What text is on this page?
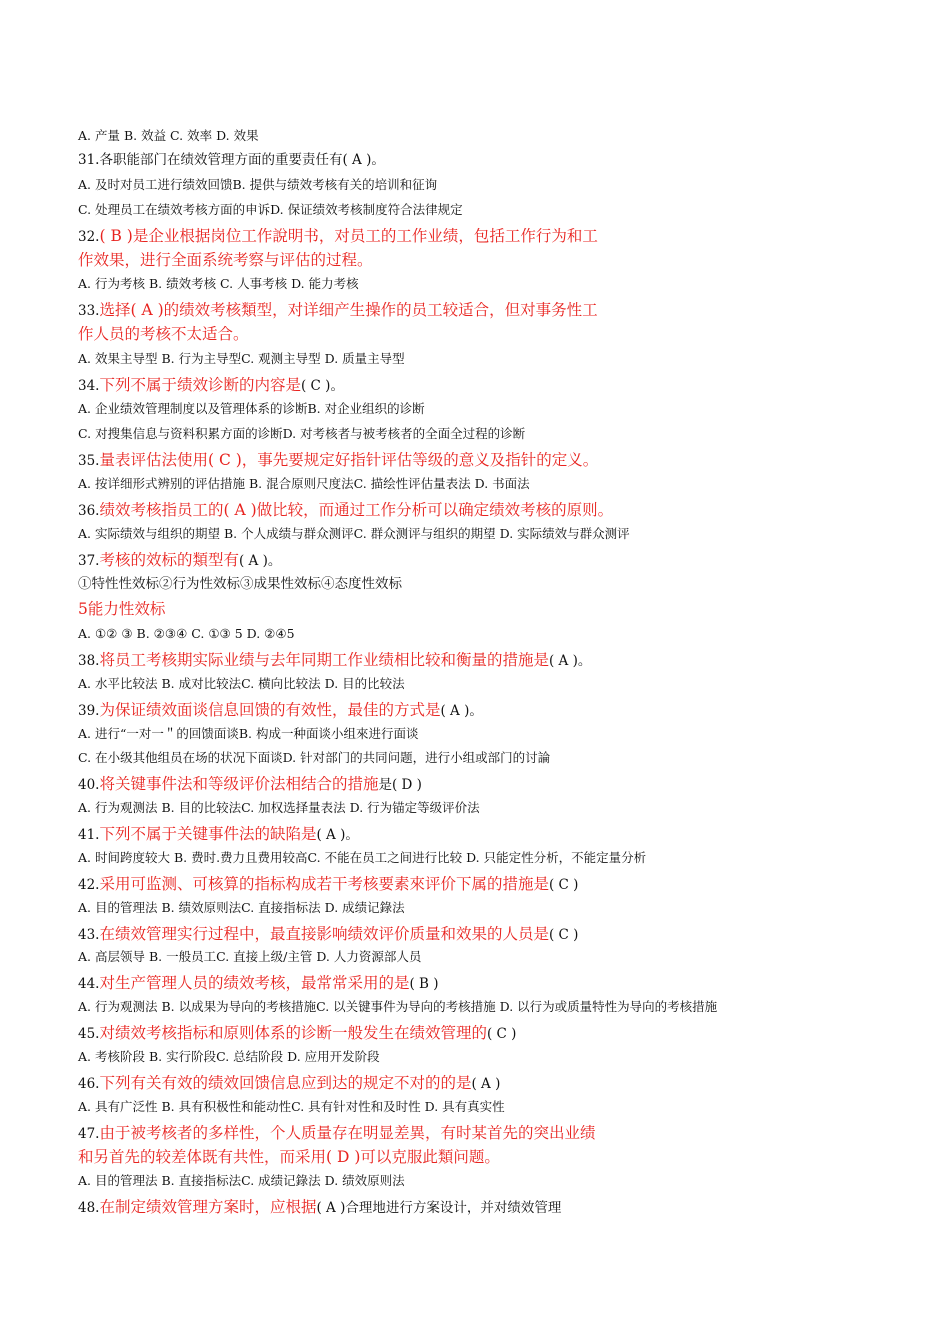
A. 产量 B. 效益 C. 效率 D. 效果
31.各职能部门在绩效管理方面的重要责任有( A )。
A. 及时对员工进行绩效回馈B. 提供与绩效考核有关的培训和征询
C. 处理员工在绩效考核方面的申诉D. 保证绩效考核制度符合法律规定
32.( B )是企业根据岗位工作說明书，对员工的工作业绩，包括工作行为和工
作效果，进行全面系统考察与评估的过程。
A. 行为考核 B. 绩效考核 C. 人事考核 D. 能力考核
33.选择( A )的绩效考核類型，对详细产生操作的员工较适合，但对事务性工
作人员的考核不太适合。
A. 效果主导型 B. 行为主导型C. 观测主导型 D. 质量主导型
34.下列不属于绩效诊断的内容是( C )。
A. 企业绩效管理制度以及管理体系的诊断B. 对企业组织的诊断
C. 对搜集信息与资料积累方面的诊断D. 对考核者与被考核者的全面全过程的诊断
35.量表评估法使用( C )，事先要规定好指针评估等级的意义及指针的定义。
A. 按详细形式辨别的评估措施 B. 混合原则尺度法C. 描绘性评估量表法 D. 书面法
36.绩效考核指员工的( A )做比较，而通过工作分析可以确定绩效考核的原则。
A. 实际绩效与组织的期望 B. 个人成绩与群众测评C. 群众测评与组织的期望 D. 实际绩效与群众测评
37.考核的效标的類型有( A )。
①特性性效标②行为性效标③成果性效标④态度性效标
5能力性效标
A. ①② ③ B. ②③④ C. ①③ 5 D. ②④5
38.将员工考核期实际业绩与去年同期工作业绩相比较和衡量的措施是( A )。
A. 水平比较法 B. 成对比较法C. 横向比较法 D. 目的比较法
39.为保证绩效面谈信息回馈的有效性，最佳的方式是( A )。
A. 进行“一对一＂的回馈面谈B. 构成一种面谈小组來进行面谈
C. 在小级其他组员在场的状况下面谈D. 针对部门的共同问题，进行小组或部门的讨論
40.将关键事件法和等级评价法相结合的措施是( D )
A. 行为观测法 B. 目的比较法C. 加权选择量表法 D. 行为锚定等级评价法
41.下列不属于关键事件法的缺陷是( A )。
A. 时间跨度较大 B. 费时.费力且费用较高C. 不能在员工之间进行比较 D. 只能定性分析，不能定量分析
42.采用可监测、可核算的指标构成若干考核要素來评价下属的措施是( C )
A. 目的管理法 B. 绩效原则法C. 直接指标法 D. 成绩记錄法
43.在绩效管理实行过程中，最直接影响绩效评价质量和效果的人员是( C )
A. 高层领导 B. 一般员工C. 直接上级/主管 D. 人力资源部人员
44.对生产管理人员的绩效考核，最常常采用的是( B )
A. 行为观测法 B. 以成果为导向的考核措施C. 以关键事件为导向的考核措施 D. 以行为或质量特性为导向的考核措施
45.对绩效考核指标和原则体系的诊断一般发生在绩效管理的( C )
A. 考核阶段 B. 实行阶段C. 总结阶段 D. 应用开发阶段
46.下列有关有效的绩效回馈信息应到达的规定不对的的是( A )
A. 具有广泛性 B. 具有积极性和能动性C. 具有针对性和及时性 D. 具有真实性
47.由于被考核者的多样性，个人质量存在明显差異，有时某首先的突出业绩
和另首先的较差体既有共性，而采用( D )可以克服此類问题。
A. 目的管理法 B. 直接指标法C. 成绩记錄法 D. 绩效原则法
48.在制定绩效管理方案时，应根据( A )合理地进行方案设计，并对绩效管理
